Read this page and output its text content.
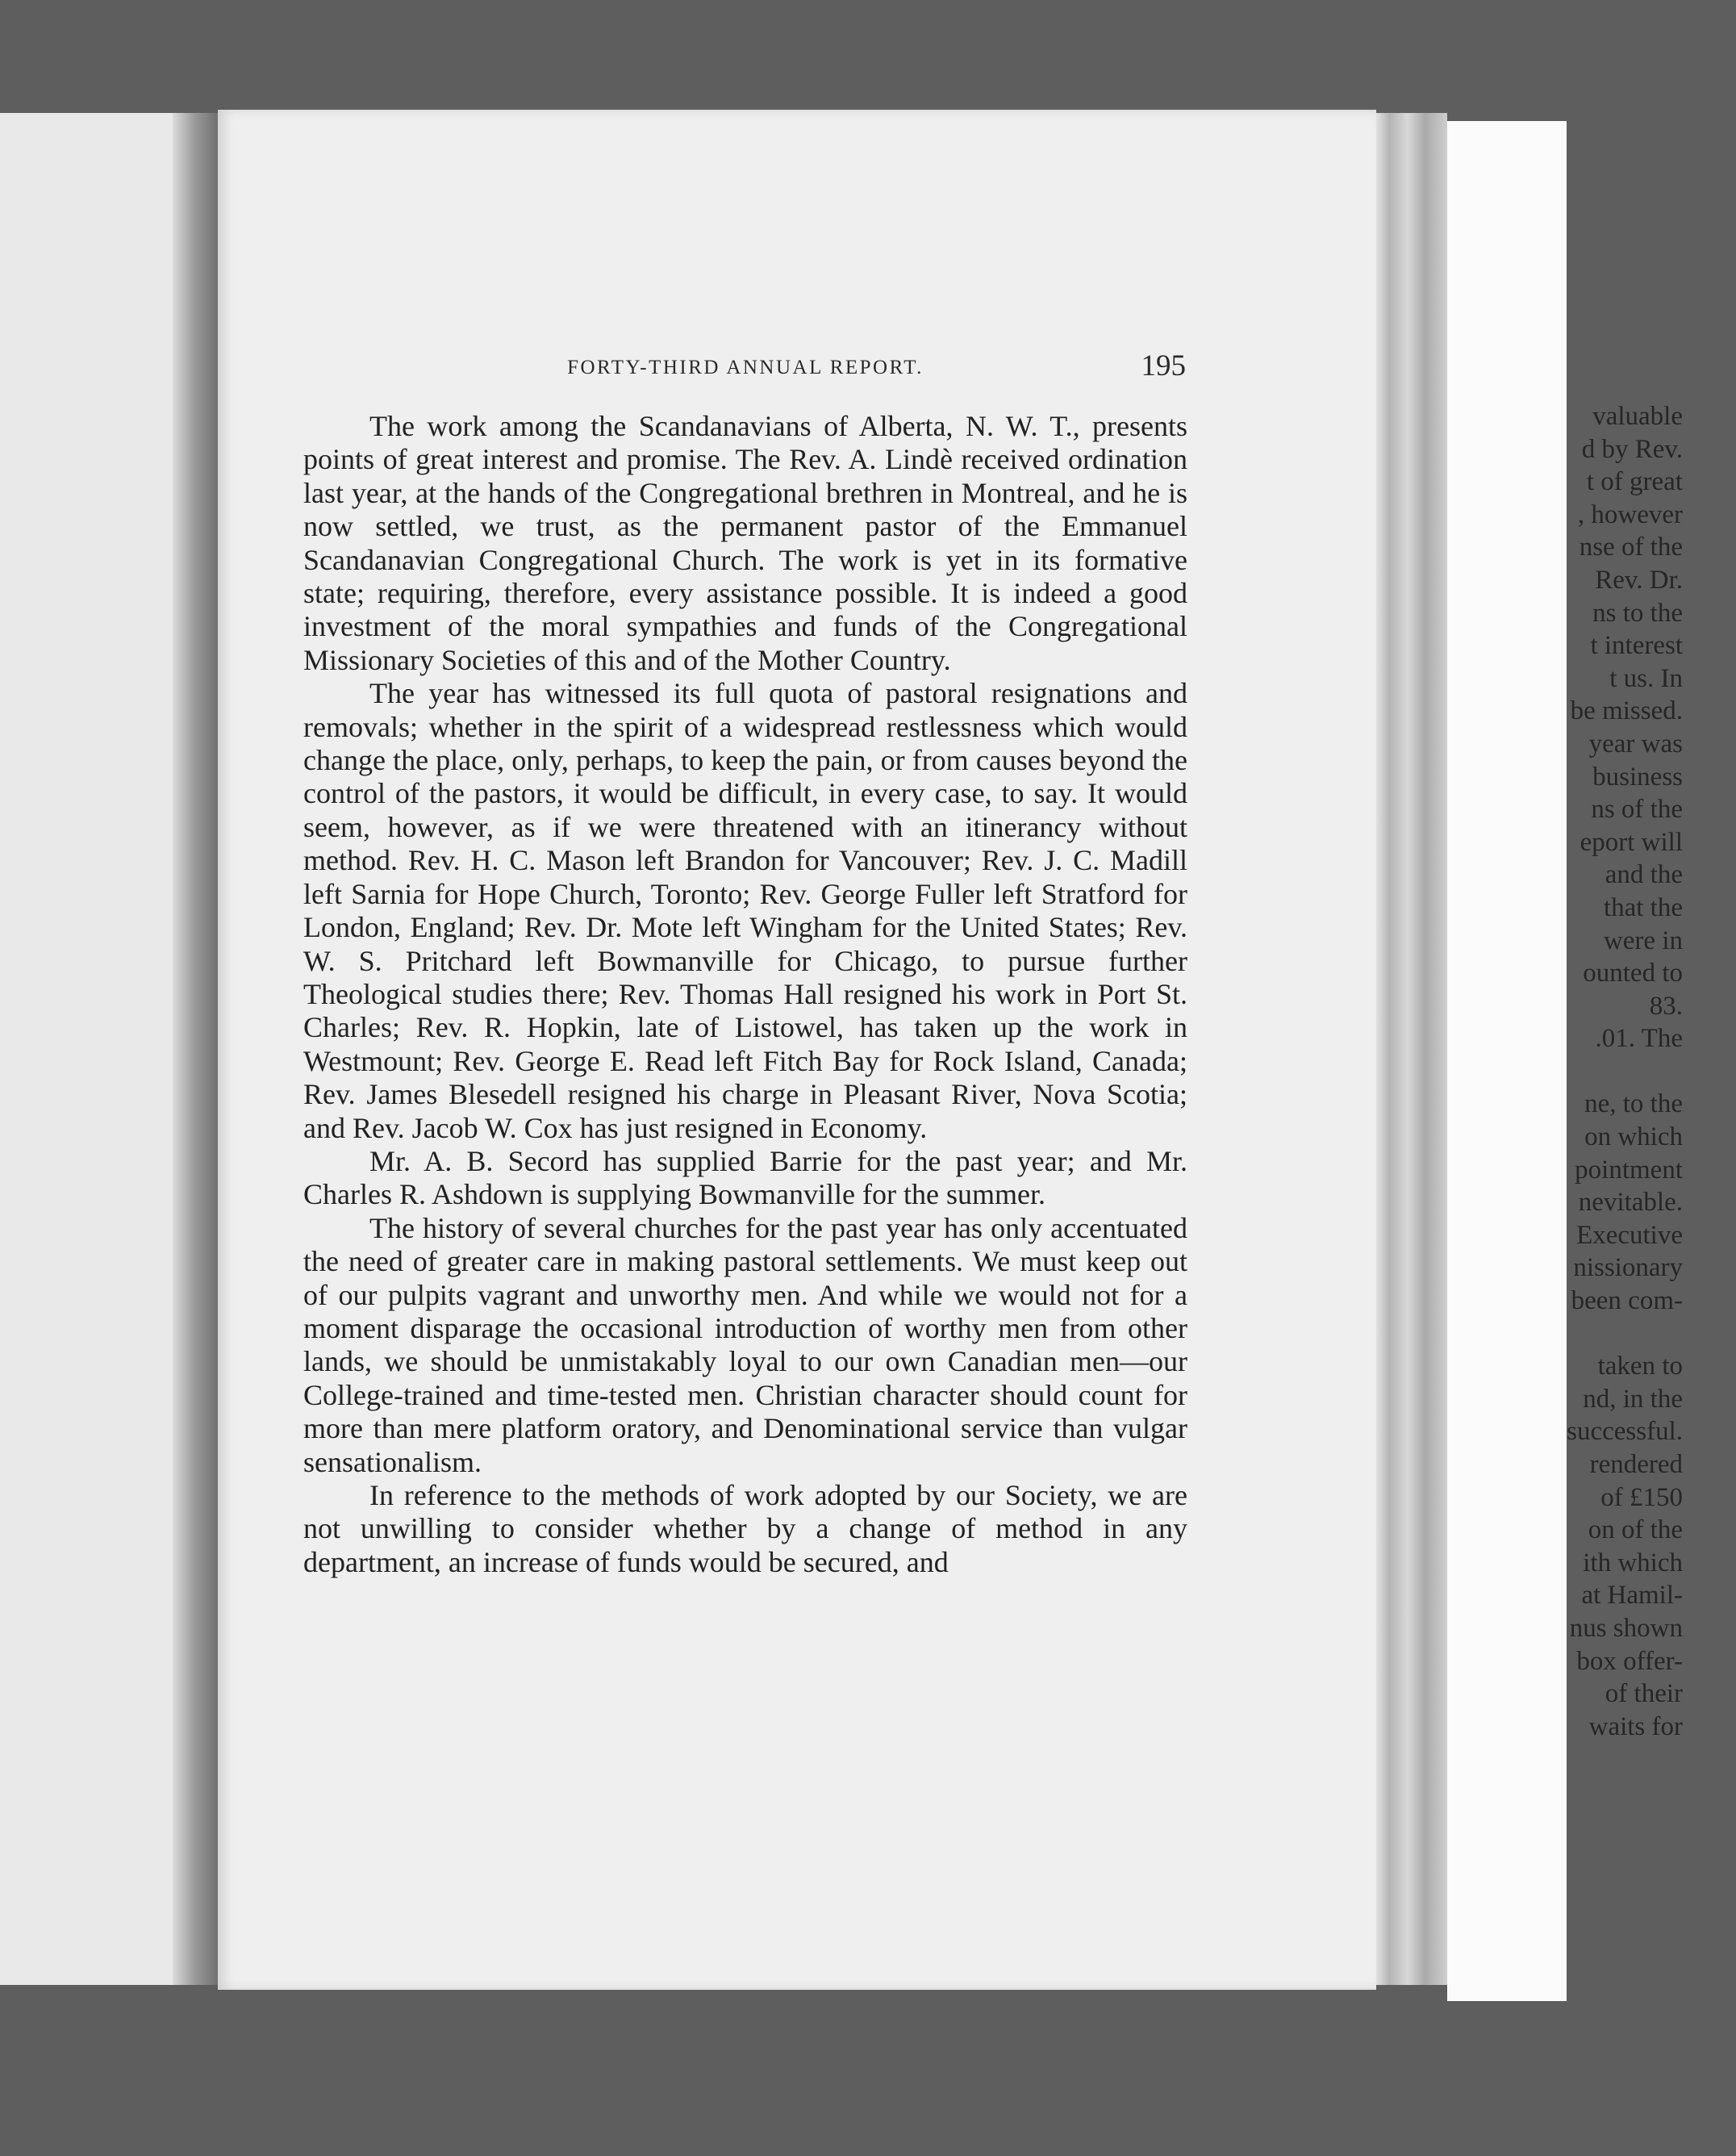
valuable
d by Rev.
t of great
, however
nse of the
Rev. Dr.
ns to the
t interest
t us. In
be missed.
year was
business
ns of the
eport will
and the
that the
were in
ounted to
83.
.01. The

ne, to the
on which
pointment
nevitable.
Executive
nissionary
been com-

taken to
nd, in the
successful.
rendered
of £150
on of the
ith which
at Hamil-
nus shown
box offer-
of their
waits for
FORTY-THIRD ANNUAL REPORT.	195

The work among the Scandanavians of Alberta, N. W. T., presents points of great interest and promise. The Rev. A. Lindè received ordination last year, at the hands of the Congregational brethren in Montreal, and he is now settled, we trust, as the permanent pastor of the Emmanuel Scandanavian Congregational Church. The work is yet in its formative state; requiring, therefore, every assistance possible. It is indeed a good investment of the moral sympathies and funds of the Congregational Missionary Societies of this and of the Mother Country.

The year has witnessed its full quota of pastoral resignations and removals; whether in the spirit of a widespread restlessness which would change the place, only, perhaps, to keep the pain, or from causes beyond the control of the pastors, it would be difficult, in every case, to say. It would seem, however, as if we were threatened with an itinerancy without method. Rev. H. C. Mason left Brandon for Vancouver; Rev. J. C. Madill left Sarnia for Hope Church, Toronto; Rev. George Fuller left Stratford for London, England; Rev. Dr. Mote left Wingham for the United States; Rev. W. S. Pritchard left Bowmanville for Chicago, to pursue further Theological studies there; Rev. Thomas Hall resigned his work in Port St. Charles; Rev. R. Hopkin, late of Listowel, has taken up the work in Westmount; Rev. George E. Read left Fitch Bay for Rock Island, Canada; Rev. James Blesedell resigned his charge in Pleasant River, Nova Scotia; and Rev. Jacob W. Cox has just resigned in Economy.

Mr. A. B. Secord has supplied Barrie for the past year; and Mr. Charles R. Ashdown is supplying Bowmanville for the summer.

The history of several churches for the past year has only accentuated the need of greater care in making pastoral settlements. We must keep out of our pulpits vagrant and unworthy men. And while we would not for a moment disparage the occasional introduction of worthy men from other lands, we should be unmistakably loyal to our own Canadian men—our College-trained and time-tested men. Christian character should count for more than mere platform oratory, and Denominational service than vulgar sensationalism.

In reference to the methods of work adopted by our Society, we are not unwilling to consider whether by a change of method in any department, an increase of funds would be secured, and
